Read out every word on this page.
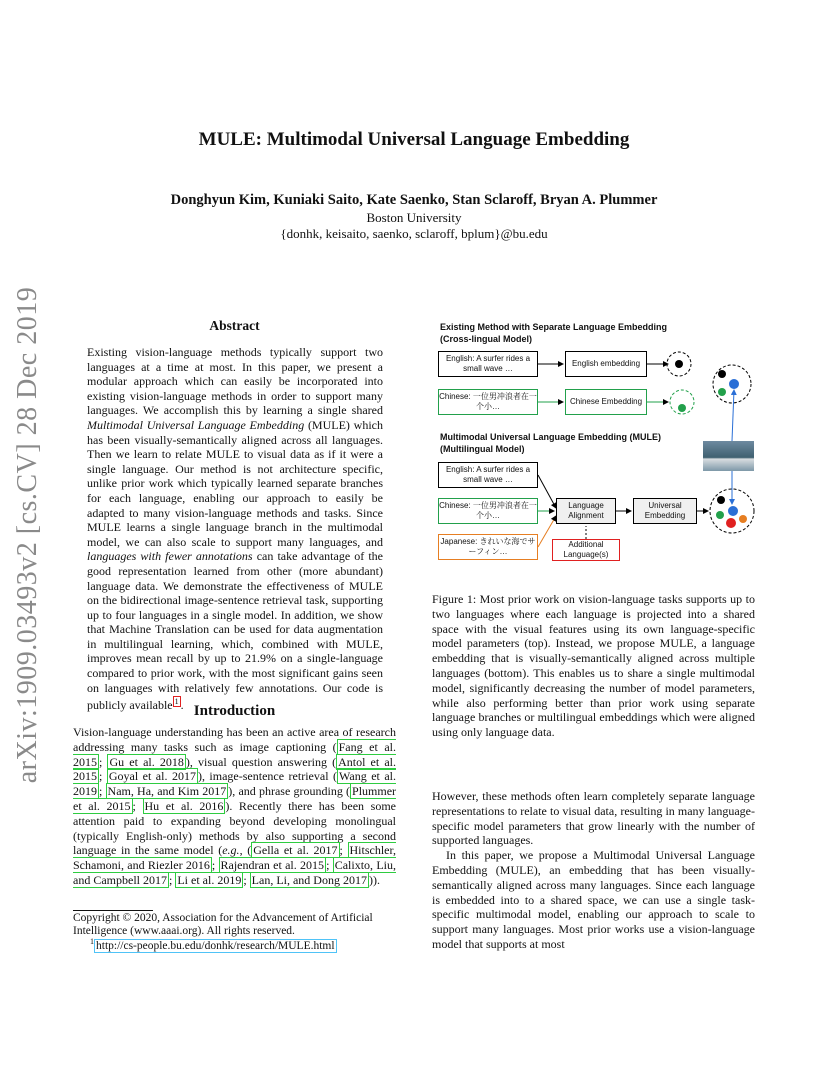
MULE: Multimodal Universal Language Embedding
Donghyun Kim, Kuniaki Saito, Kate Saenko, Stan Sclaroff, Bryan A. Plummer
Boston University
{donhk, keisaito, saenko, sclaroff, bplum}@bu.edu
arXiv:1909.03493v2 [cs.CV] 28 Dec 2019	Abstract
Existing vision-language methods typically support two languages at a time at most. In this paper, we present a modular approach which can easily be incorporated into existing vision-language methods in order to support many languages. We accomplish this by learning a single shared Multimodal Universal Language Embedding (MULE) which has been visually-semantically aligned across all languages. Then we learn to relate MULE to visual data as if it were a single language. Our method is not architecture specific, unlike prior work which typically learned separate branches for each language, enabling our approach to easily be adapted to many vision-language methods and tasks. Since MULE learns a single language branch in the multimodal model, we can also scale to support many languages, and languages with fewer annotations can take advantage of the good representation learned from other (more abundant) language data. We demonstrate the effectiveness of MULE on the bidirectional image-sentence retrieval task, supporting up to four languages in a single model. In addition, we show that Machine Translation can be used for data augmentation in multilingual learning, which, combined with MULE, improves mean recall by up to 21.9% on a single-language compared to prior work, with the most significant gains seen on languages with relatively few annotations. Our code is publicly available $^1$ . Introduction
Vision-language understanding has been an active area of research addressing many tasks such as image captioning ( Fang et al. 2015 ; Gu et al. 2018 ), visual question answering ( Antol et al. 2015 ; Goyal et al. 2017 ), image-sentence retrieval ( Wang et al. 2019 ; Nam, Ha, and Kim 2017 ), and phrase grounding ( Plummer et al. 2015 ; Hu et al. 2016 ). Recently there has been some attention paid to expanding beyond developing monolingual (typically English-only) methods by also supporting a second language in the same model (e.g., ( Gella et al. 2017 ; Hitschler, Schamoni, and Riezler 2016 ; Rajendran et al. 2015 ; Calixto, Liu, and Campbell 2017 ; Li et al. 2019 ; Lan, Li, and Dong 2017 )).
Copyright © 2020, Association for the Advancement of Artificial Intelligence (www.aaai.org). All rights reserved.
$^1$ http://cs-people.bu.edu/donhk/research/MULE.html
Existing Method with Separate Language Embedding (Cross-lingual Model)
English: A surfer rides a small wave …
Chinese: 一位男冲浪者在一个小…
English embedding
Chinese Embedding
Multimodal Universal Language Embedding (MULE) (Multilingual Model)
English: A surfer rides a small wave …
Chinese: 一位男冲浪者在一个小…
Japanese: きれいな海でサーフィン…
Language Alignment
Universal Embedding
Additional Language(s)
Figure 1: Most prior work on vision-language tasks supports up to two languages where each language is projected into a shared space with the visual features using its own language-specific model parameters (top). Instead, we propose MULE, a language embedding that is visually-semantically aligned across multiple languages (bottom). This enables us to share a single multimodal model, significantly decreasing the number of model parameters, while also performing better than prior work using separate language branches or multilingual embeddings which were aligned using only language data.

However, these methods often learn completely separate language representations to relate to visual data, resulting in many language-specific model parameters that grow linearly with the number of supported languages.

In this paper, we propose a Multimodal Universal Language Embedding (MULE), an embedding that has been visually-semantically aligned across many languages. Since each language is embedded into to a shared space, we can use a single task-specific multimodal model, enabling our approach to scale to support many languages. Most prior works use a vision-language model that supports at most
